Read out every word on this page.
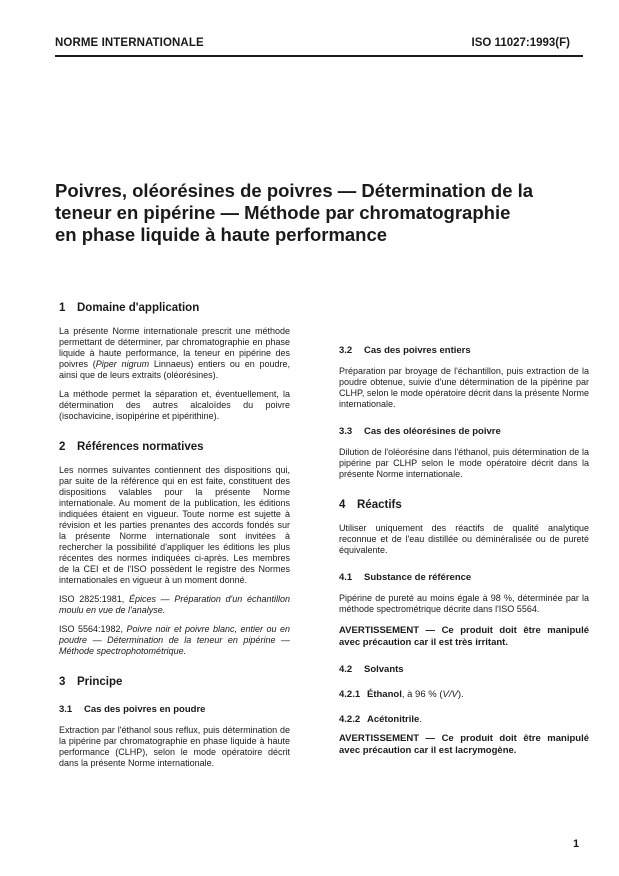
NORME INTERNATIONALE	ISO 11027:1993(F)
Poivres, oléorésines de poivres — Détermination de la
teneur en pipérine — Méthode par chromatographie
en phase liquide à haute performance
1 Domaine d'application

La présente Norme internationale prescrit une méthode permettant de déterminer, par chromatographie en phase liquide à haute performance, la teneur en pipérine des poivres (Piper nigrum Linnaeus) entiers ou en poudre, ainsi que de leurs extraits (oléorésines).

La méthode permet la séparation et, éventuellement, la détermination des autres alcaloïdes du poivre (isochavicine, isopipérine et pipérithine).

2 Références normatives

Les normes suivantes contiennent des dispositions qui, par suite de la référence qui en est faite, constituent des dispositions valables pour la présente Norme internationale. Au moment de la publication, les éditions indiquées étaient en vigueur. Toute norme est sujette à révision et les parties prenantes des accords fondés sur la présente Norme internationale sont invitées à rechercher la possibilité d'appliquer les éditions les plus récentes des normes indiquées ci-après. Les membres de la CEI et de l'ISO possèdent le registre des Normes internationales en vigueur à un moment donné.

ISO 2825:1981, Épices — Préparation d'un échantillon moulu en vue de l'analyse.

ISO 5564:1982, Poivre noir et poivre blanc, entier ou en poudre — Détermination de la teneur en pipérine — Méthode spectrophotométrique.

3 Principe
3.1 Cas des poivres en poudre

Extraction par l'éthanol sous reflux, puis détermination de la pipérine par chromatographie en phase liquide à haute performance (CLHP), selon le mode opératoire décrit dans la présente Norme internationale.

3.2 Cas des poivres entiers

Préparation par broyage de l'échantillon, puis extraction de la poudre obtenue, suivie d'une détermination de la pipérine par CLHP, selon le mode opératoire décrit dans la présente Norme internationale.

3.3 Cas des oléorésines de poivre

Dilution de l'oléorésine dans l'éthanol, puis détermination de la pipérine par CLHP selon le mode opératoire décrit dans la présente Norme internationale.

4 Réactifs

Utiliser uniquement des réactifs de qualité analytique reconnue et de l'eau distillée ou déminéralisée ou de pureté équivalente.

4.1 Substance de référence

Pipérine de pureté au moins égale à 98 %, déterminée par la méthode spectrométrique décrite dans l'ISO 5564.

AVERTISSEMENT — Ce produit doit être manipulé avec précaution car il est très irritant.

4.2 Solvants
4.2.1 Éthanol, à 96 % (V/V).
4.2.2 Acétonitrile.

AVERTISSEMENT — Ce produit doit être manipulé avec précaution car il est lacrymogène.

1
